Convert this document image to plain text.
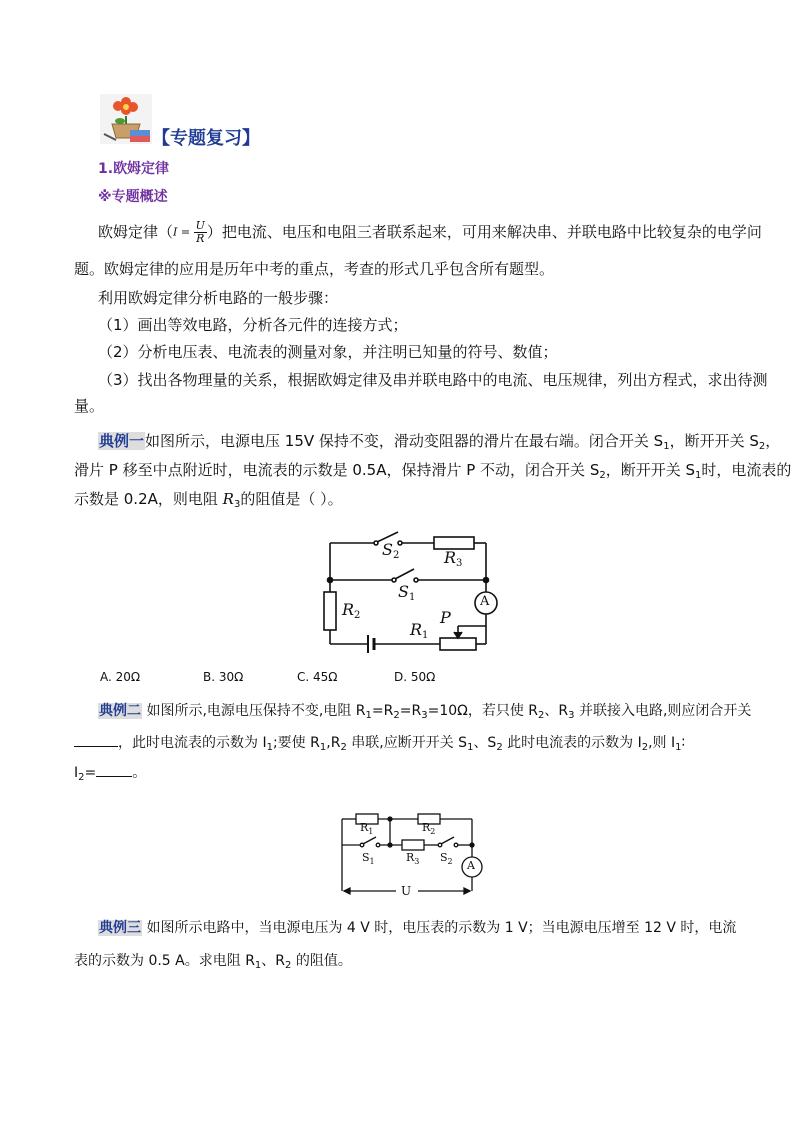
【专题复习】
1.欧姆定律
※专题概述
欧姆定律（$I = \frac{U}{R}$ ）把电流、电压和电阻三者联系起来，可用来解决串、并联电路中比较复杂的电学问
题。欧姆定律的应用是历年中考的重点，考查的形式几乎包含所有题型。
利用欧姆定律分析电路的一般步骤：
（1）画出等效电路，分析各元件的连接方式；
（2）分析电压表、电流表的测量对象，并注明已知量的符号、数值；
（3）找出各物理量的关系，根据欧姆定律及串并联电路中的电流、电压规律，列出方程式，求出待测
量。
典例一如图所示，电源电压 15V 保持不变，滑动变阻器的滑片在最右端。闭合开关 $S_1$，断开开关 $S_2$，
滑片 P 移至中点附近时，电流表的示数是 0.5A，保持滑片 P 不动，闭合开关 $S_2$，断开开关 $S_1$时，电流表的
示数是 0.2A，则电阻 $R_3$的阻值是（ ）。
$S_2$	$R_3$
$S_1$
$R_2$	P
$R_1$
A
A. 20Ω	B. 30Ω	C. 45Ω	D. 50Ω
典例二 如图所示,电源电压保持不变,电阻 $R_1=R_2=R_3=10\Omega$，若只使 $R_2$、$R_3$ 并联接入电路,则应闭合开关
，此时电流表的示数为 $I_1$;要使 $R_1,R_2$ 串联,应断开开关 $S_1$、$S_2$ 此时电流表的示数为 $I_2$,则 $I_1∶$
$I_2=$	。
$R_1$	$R_2$
$S_1$	$R_3$ $S_2$ A
U
典例三 如图所示电路中，当电源电压为 4 V 时，电压表的示数为 1 V；当电源电压增至 12 V 时，电流
表的示数为 0.5 A。求电阻 $R_1$、$R_2$ 的阻值。
